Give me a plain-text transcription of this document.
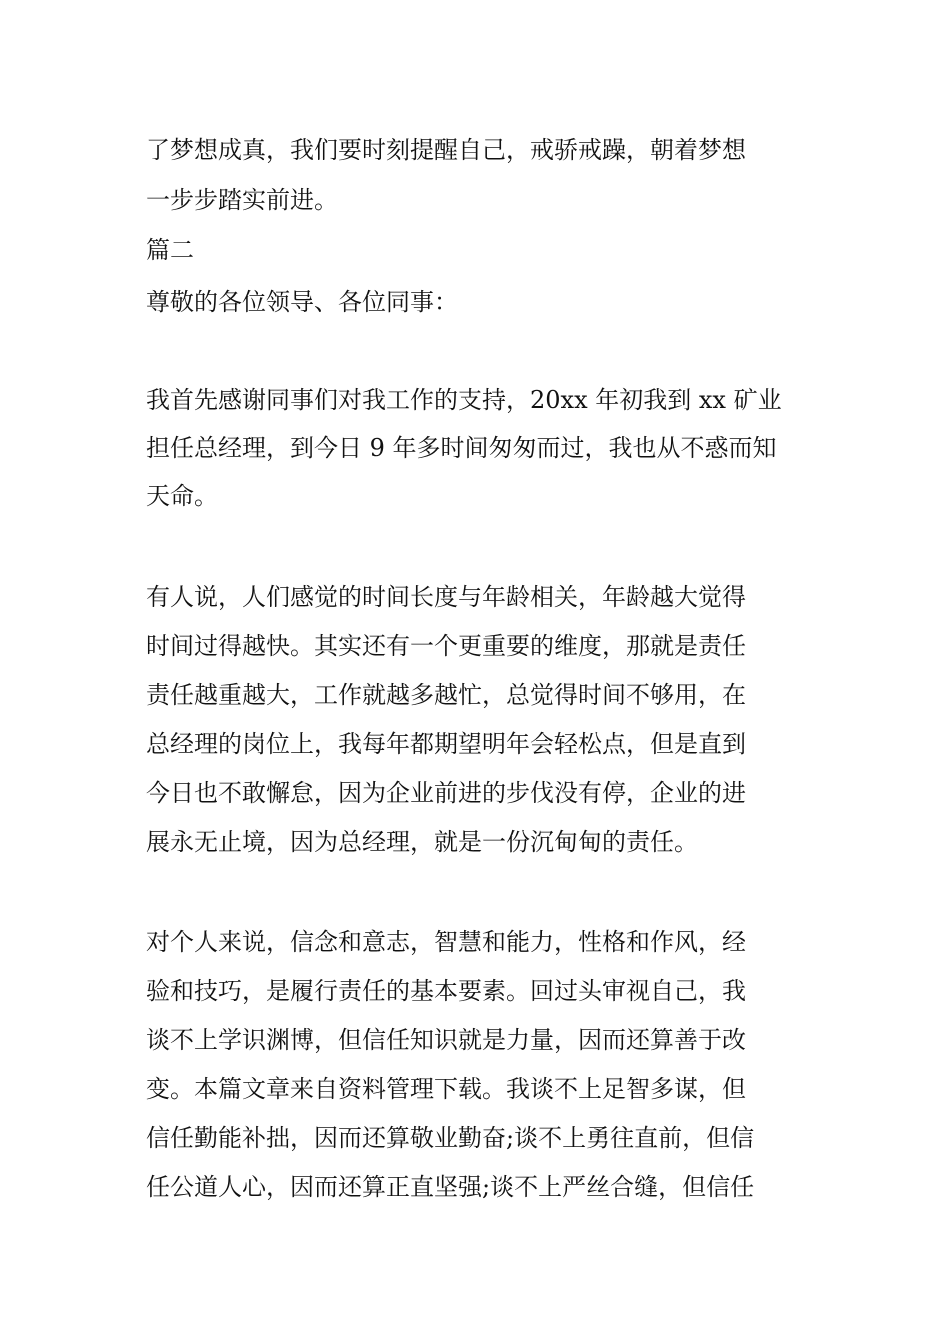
了梦想成真，我们要时刻提醒自己，戒骄戒躁，朝着梦想
一步步踏实前进。
篇二
尊敬的各位领导、各位同事：
我首先感谢同事们对我工作的支持，20xx 年初我到 xx 矿业
担任总经理，到今日 9 年多时间匆匆而过，我也从不惑而知
天命。
有人说，人们感觉的时间长度与年龄相关，年龄越大觉得
时间过得越快。其实还有一个更重要的维度，那就是责任
责任越重越大，工作就越多越忙，总觉得时间不够用，在
总经理的岗位上，我每年都期望明年会轻松点，但是直到
今日也不敢懈怠，因为企业前进的步伐没有停，企业的进
展永无止境，因为总经理，就是一份沉甸甸的责任。
对个人来说，信念和意志，智慧和能力，性格和作风，经
验和技巧，是履行责任的基本要素。回过头审视自己，我
谈不上学识渊博，但信任知识就是力量，因而还算善于改
变。本篇文章来自资料管理下载。我谈不上足智多谋，但
信任勤能补拙，因而还算敬业勤奋;谈不上勇往直前，但信
任公道人心，因而还算正直坚强;谈不上严丝合缝，但信任
